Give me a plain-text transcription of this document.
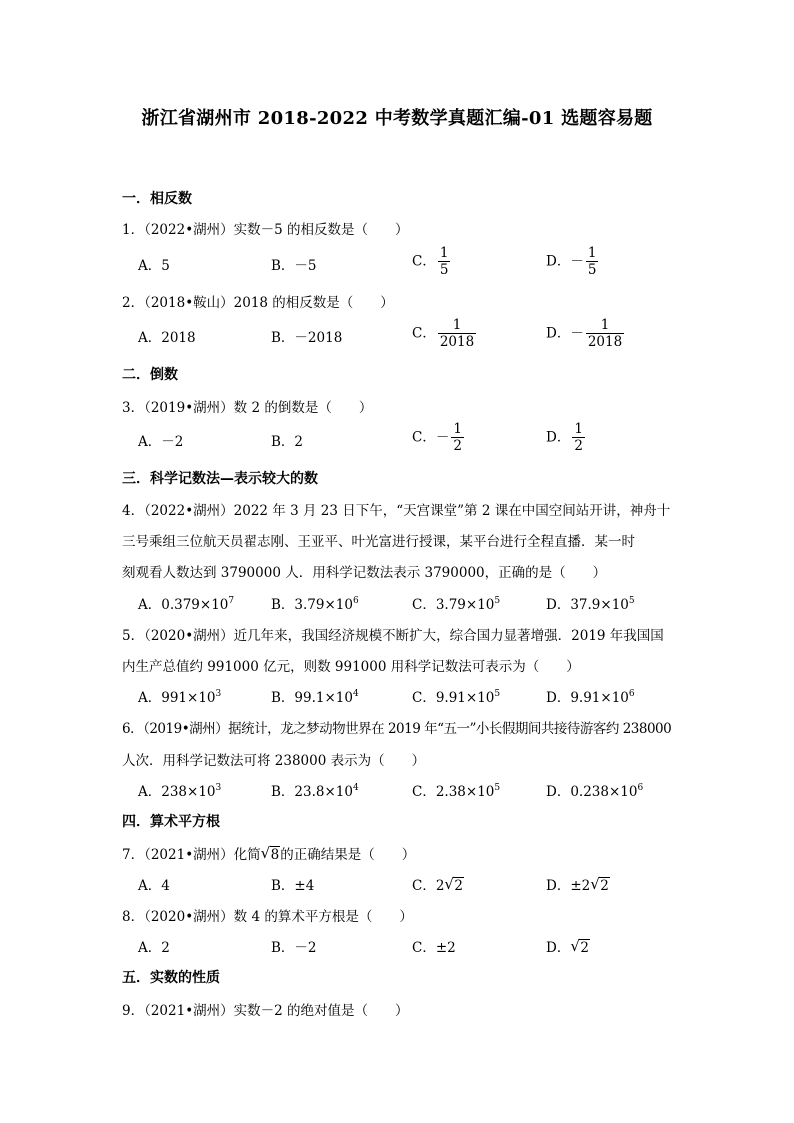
浙江省湖州市 2018-2022 中考数学真题汇编-01 选题容易题
一．相反数
1．（2022•湖州）实数－5 的相反数是（　　）
A．5	B．－5	C． $\frac{1}{5}$	D．－ $\frac{1}{5}$
2．（2018•鞍山）2018 的相反数是（　　）
A．2018	B．－2018	C． $\frac{1}{2018}$	D．－ $\frac{1}{2018}$
二．倒数
3．（2019•湖州）数 2 的倒数是（　　）
A．－2	B．2	C．－ $\frac{1}{2}$	D． $\frac{1}{2}$
三．科学记数法—表示较大的数
4．（2022•湖州）2022 年 3 月 23 日下午，“天宫课堂”第 2 课在中国空间站开讲，神舟十
三号乘组三位航天员翟志刚、王亚平、叶光富进行授课，某平台进行全程直播．某一时
刻观看人数达到 3790000 人．用科学记数法表示 3790000，正确的是（　　）
A．$0.379\times 10^7$	B．$3.79\times 10^6$	C．$3.79\times 10^5$	D．$37.9\times 10^5$
5．（2020•湖州）近几年来，我国经济规模不断扩大，综合国力显著增强．2019 年我国国
内生产总值约 991000 亿元，则数 991000 用科学记数法可表示为（　　）
A．$991\times 10^3$	B．$99.1\times 10^4$	C．$9.91\times 10^5$	D．$9.91\times 10^6$
6．（2019•湖州）据统计，龙之梦动物世界在 2019 年“五一”小长假期间共接待游客约 238000
人次．用科学记数法可将 238000 表示为（　　）
A．$238\times 10^3$	B．$23.8\times 10^4$	C．$2.38\times 10^5$	D．$0.238\times 10^6$
四．算术平方根
7．（2021•湖州）化简 √ 8的正确结果是（　　）
A．4	B．±4	C．2 √ 2	D．±2 √ 2
8．（2020•湖州）数 4 的算术平方根是（　　）
A．2	B．－2	C．±2	D． √ 2
五．实数的性质
9．（2021•湖州）实数－2 的绝对值是（　　）
